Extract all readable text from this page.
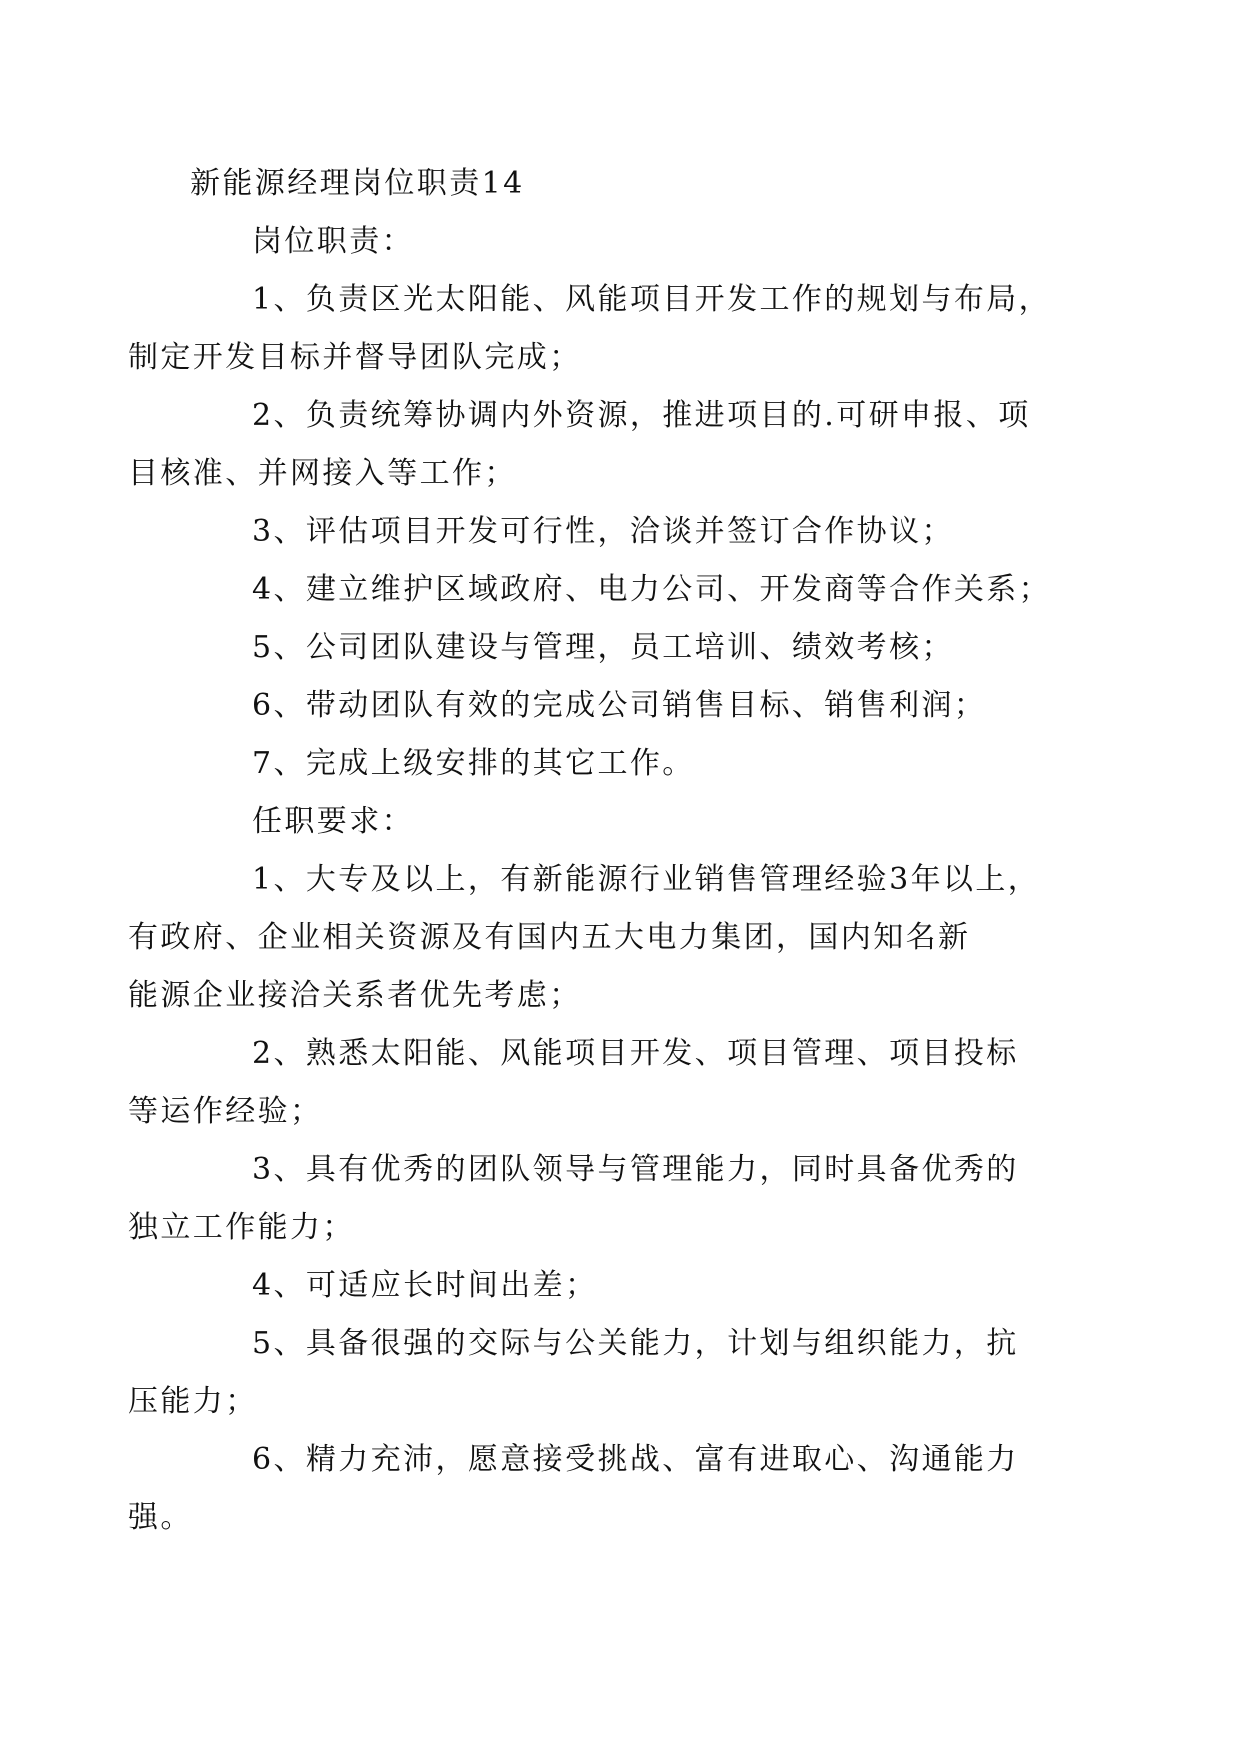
新能源经理岗位职责14

岗位职责：

1、负责区光太阳能、风能项目开发工作的规划与布局，
制定开发目标并督导团队完成；

2、负责统筹协调内外资源，推进项目的.可研申报、项
目核准、并网接入等工作；

3、评估项目开发可行性，洽谈并签订合作协议；

4、建立维护区域政府、电力公司、开发商等合作关系；

5、公司团队建设与管理，员工培训、绩效考核；

6、带动团队有效的完成公司销售目标、销售利润；

7、完成上级安排的其它工作。

任职要求：

1、大专及以上，有新能源行业销售管理经验3年以上，
有政府、企业相关资源及有国内五大电力集团，国内知名新
能源企业接洽关系者优先考虑；

2、熟悉太阳能、风能项目开发、项目管理、项目投标
等运作经验；

3、具有优秀的团队领导与管理能力，同时具备优秀的
独立工作能力；

4、可适应长时间出差；

5、具备很强的交际与公关能力，计划与组织能力，抗
压能力；

6、精力充沛，愿意接受挑战、富有进取心、沟通能力
强。
